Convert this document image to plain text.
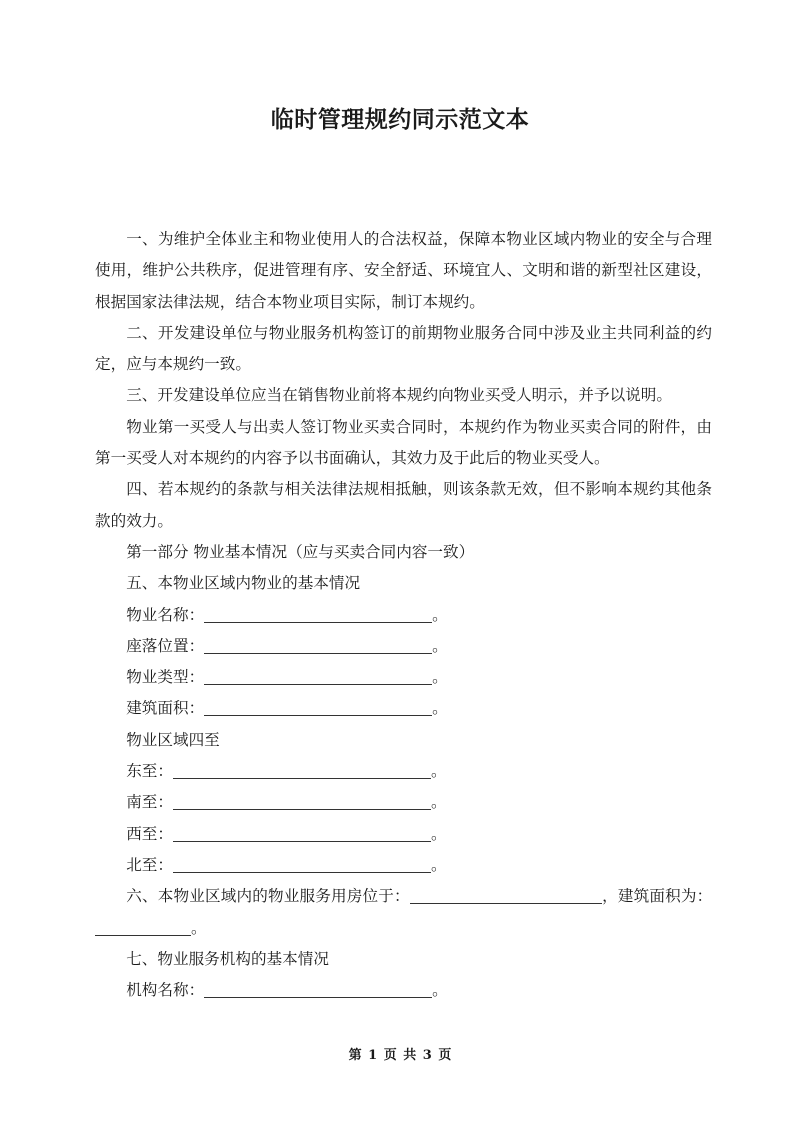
临时管理规约同示范文本

一、为维护全体业主和物业使用人的合法权益，保障本物业区域内物业的安全与合理使用，维护公共秩序，促进管理有序、安全舒适、环境宜人、文明和谐的新型社区建设，根据国家法律法规，结合本物业项目实际，制订本规约。

二、开发建设单位与物业服务机构签订的前期物业服务合同中涉及业主共同利益的约定，应与本规约一致。

三、开发建设单位应当在销售物业前将本规约向物业买受人明示，并予以说明。

物业第一买受人与出卖人签订物业买卖合同时，本规约作为物业买卖合同的附件，由第一买受人对本规约的内容予以书面确认，其效力及于此后的物业买受人。

四、若本规约的条款与相关法律法规相抵触，则该条款无效，但不影响本规约其他条款的效力。

第一部分 物业基本情况（应与买卖合同内容一致）

五、本物业区域内物业的基本情况

物业名称：	。

座落位置：	。

物业类型：	。

建筑面积：	。

物业区域四至

东至：	。

南至：	。

西至：	。

北至：	。

六、本物业区域内的物业服务用房位于：	，建筑面积为：。

七、物业服务机构的基本情况

机构名称：	。

第 1 页 共 3 页
